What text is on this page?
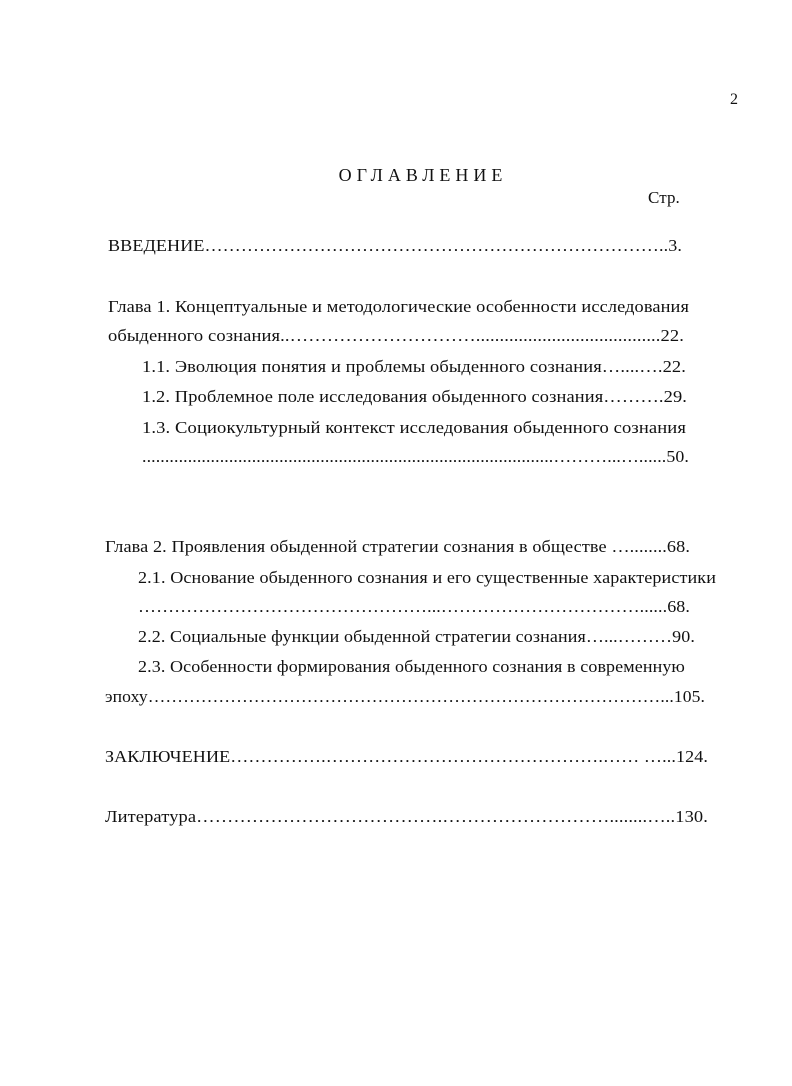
2
ОГЛАВЛЕНИЕ
Стр.
ВВЕДЕНИЕ…………………………………………………………………..3.
Глава 1. Концептуальные и методологические особенности исследования
обыденного сознания..………………………….......................................22.
1.1. Эволюция понятия и проблемы обыденного сознания…....….22.
1.2. Проблемное поле исследования обыденного сознания……….29.
1.3. Социокультурный контекст исследования обыденного сознания
..........................................................................................………...…......50.
Глава 2. Проявления обыденной стратегии сознания в обществе …........68.
2.1. Основание обыденного сознания и его существенные характеристики
…………………………………………...……………………………......68.
2.2. Социальные функции обыденной стратегии сознания…...………90.
2.3. Особенности формирования обыденного сознания в современную
эпоху……………………………………………………………………………...105.
ЗАКЛЮЧЕНИЕ…………….……………………………………….…… …...124.
Литература………………………………….………………………........…..130.
